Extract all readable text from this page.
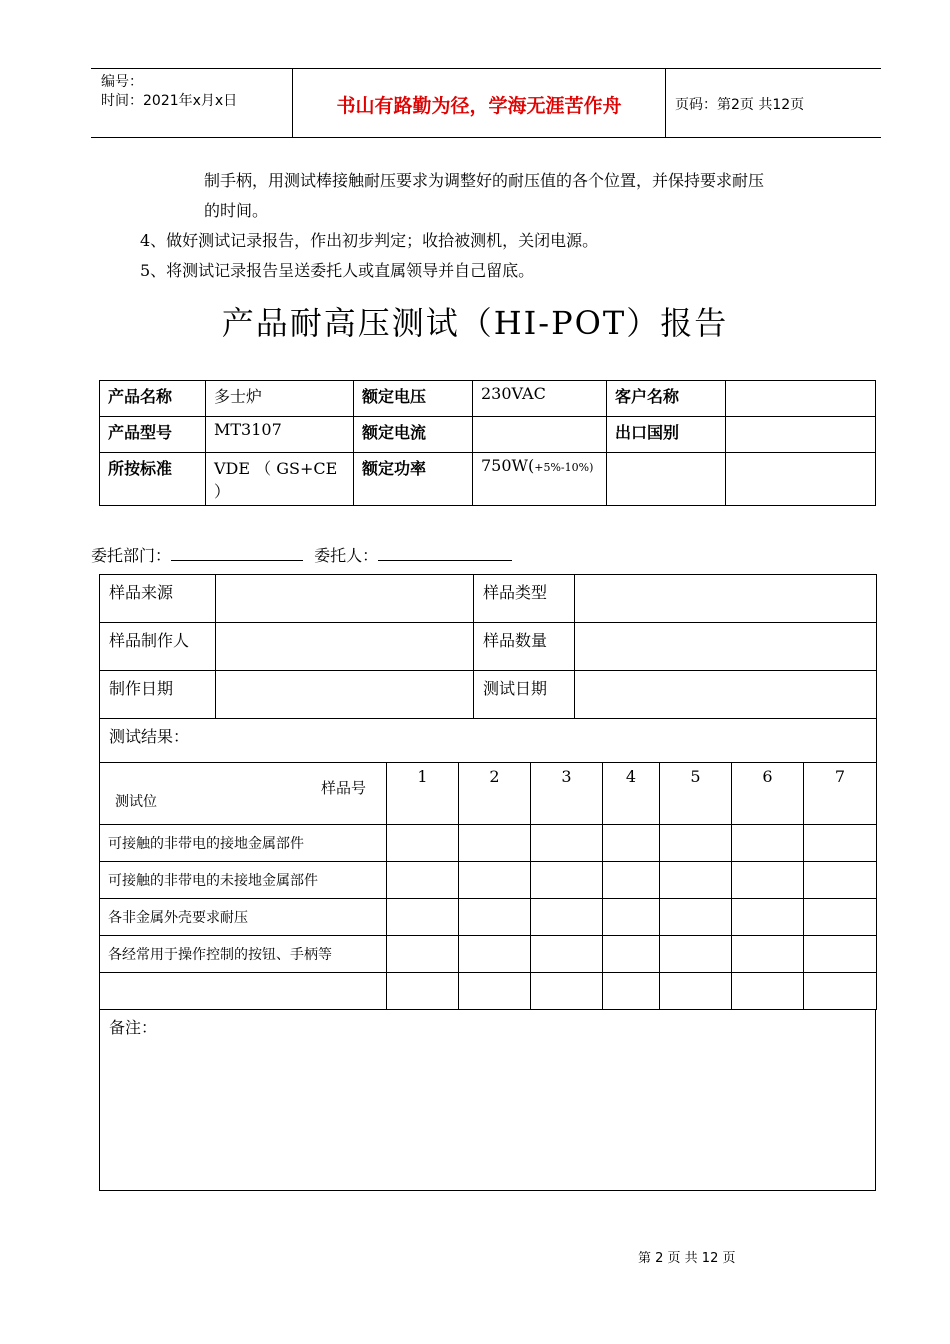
编号：
时间：2021年x月x日	书山有路勤为径，学海无涯苦作舟	页码：第2页 共12页
制手柄，用测试棒接触耐压要求为调整好的耐压值的各个位置，并保持要求耐压
的时间。
4、做好测试记录报告，作出初步判定；收拾被测机，关闭电源。
5、将测试记录报告呈送委托人或直属领导并自己留底。
产品耐高压测试（HI-POT）报告
产品名称	多士炉	额定电压	230VAC	客户名称	
产品型号	MT3107	额定电流		出口国别	
所按标准	VDE （ GS+CE ）	额定功率	750W(+5%-10%)		
委托部门：	委托人：
样品来源		样品类型	
样品制作人		样品数量	
制作日期		测试日期	
测试结果：			
样品号
测试位	1	2	3	4	5	6	7
可接触的非带电的接地金属部件							
可接触的非带电的未接地金属部件							
各非金属外壳要求耐压							
各经常用于操作控制的按钮、手柄等							

备注：
第 2 页 共 12 页
